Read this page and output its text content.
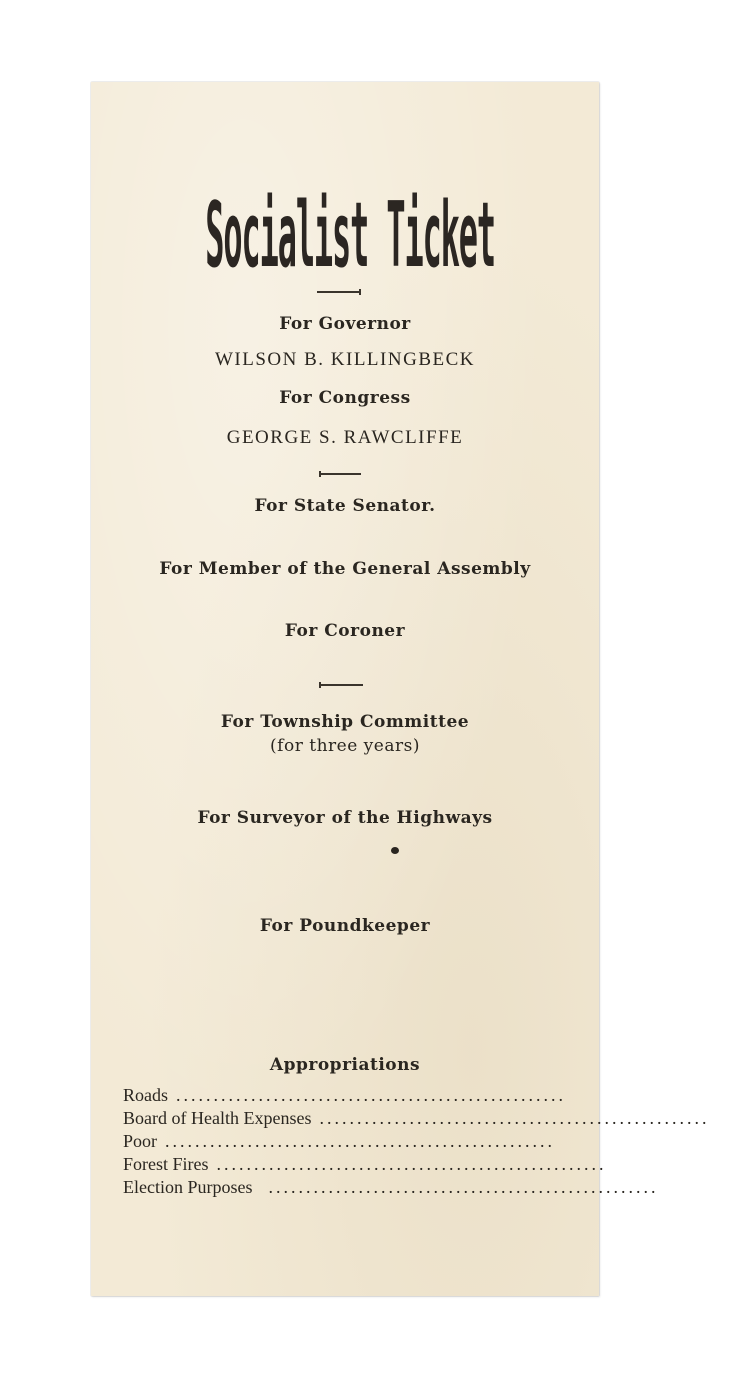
Socialist Ticket
For Governor
WILSON B. KILLINGBECK
For Congress
GEORGE S. RAWCLIFFE
For State Senator.
For Member of the General Assembly
For Coroner
For Township Committee
(for three years)
For Surveyor of the Highways
For Poundkeeper
Appropriations
Roads ....................................................
Board of Health Expenses ....................................................
Poor ....................................................
Forest Fires ....................................................
Election Purposes ....................................................
